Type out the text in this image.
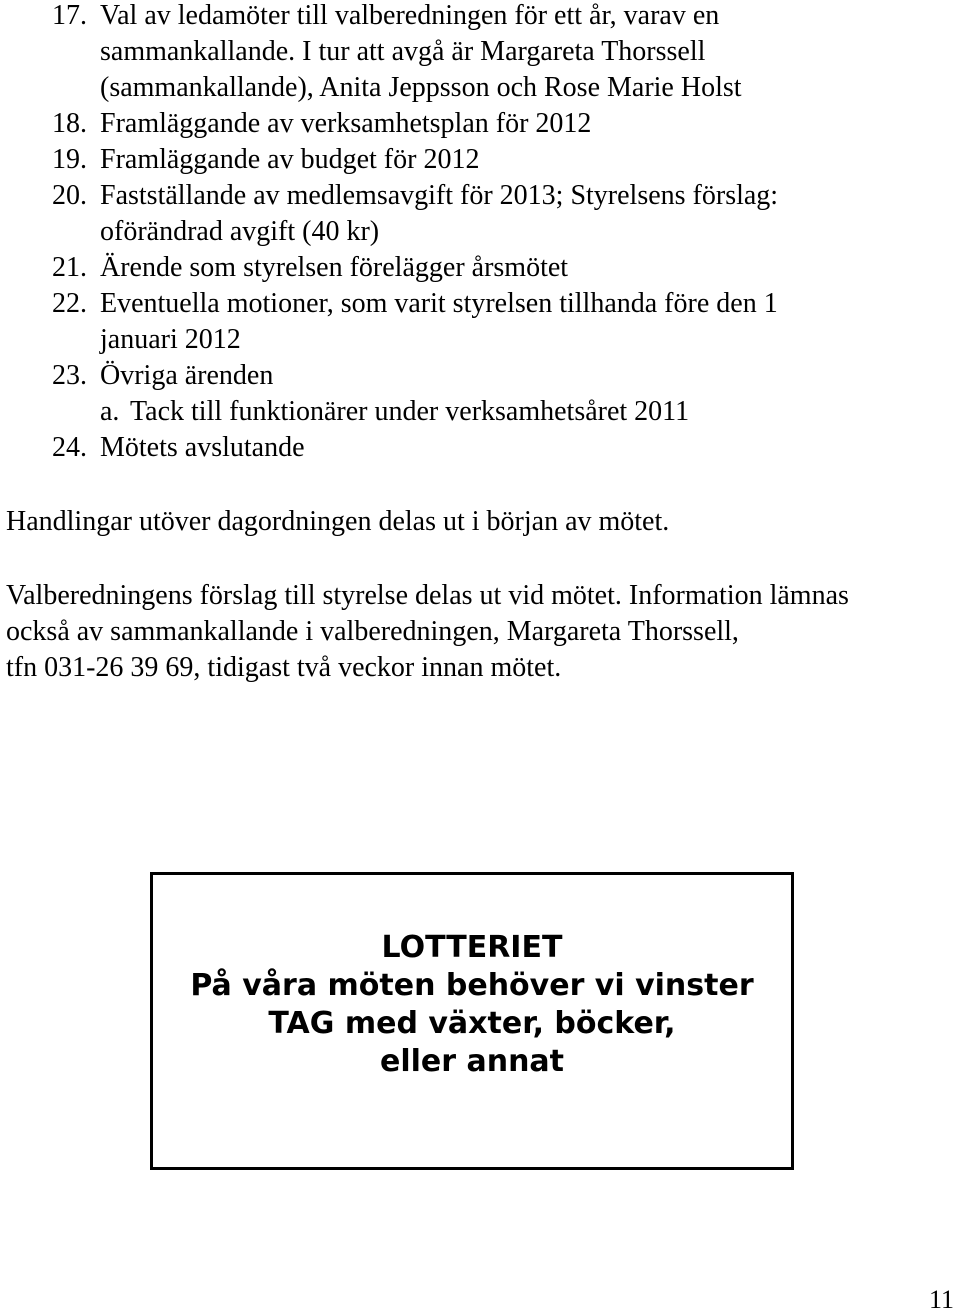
17. Val av ledamöter till valberedningen för ett år, varav en
sammankallande. I tur att avgå är Margareta Thorssell
(sammankallande), Anita Jeppsson och Rose Marie Holst
18. Framläggande av verksamhetsplan för 2012
19. Framläggande av budget för 2012
20. Fastställande av medlemsavgift för 2013; Styrelsens förslag:
oförändrad avgift (40 kr)
21. Ärende som styrelsen förelägger årsmötet
22. Eventuella motioner, som varit styrelsen tillhanda före den 1
januari 2012
23. Övriga ärenden
a. Tack till funktionärer under verksamhetsåret 2011
24. Mötets avslutande
Handlingar utöver dagordningen delas ut i början av mötet.
Valberedningens förslag till styrelse delas ut vid mötet. Information lämnas
också av sammankallande i valberedningen, Margareta Thorssell,
tfn 031-26 39 69, tidigast två veckor innan mötet.
LOTTERIET
På våra möten behöver vi vinster
TAG med växter, böcker,
eller annat
11
